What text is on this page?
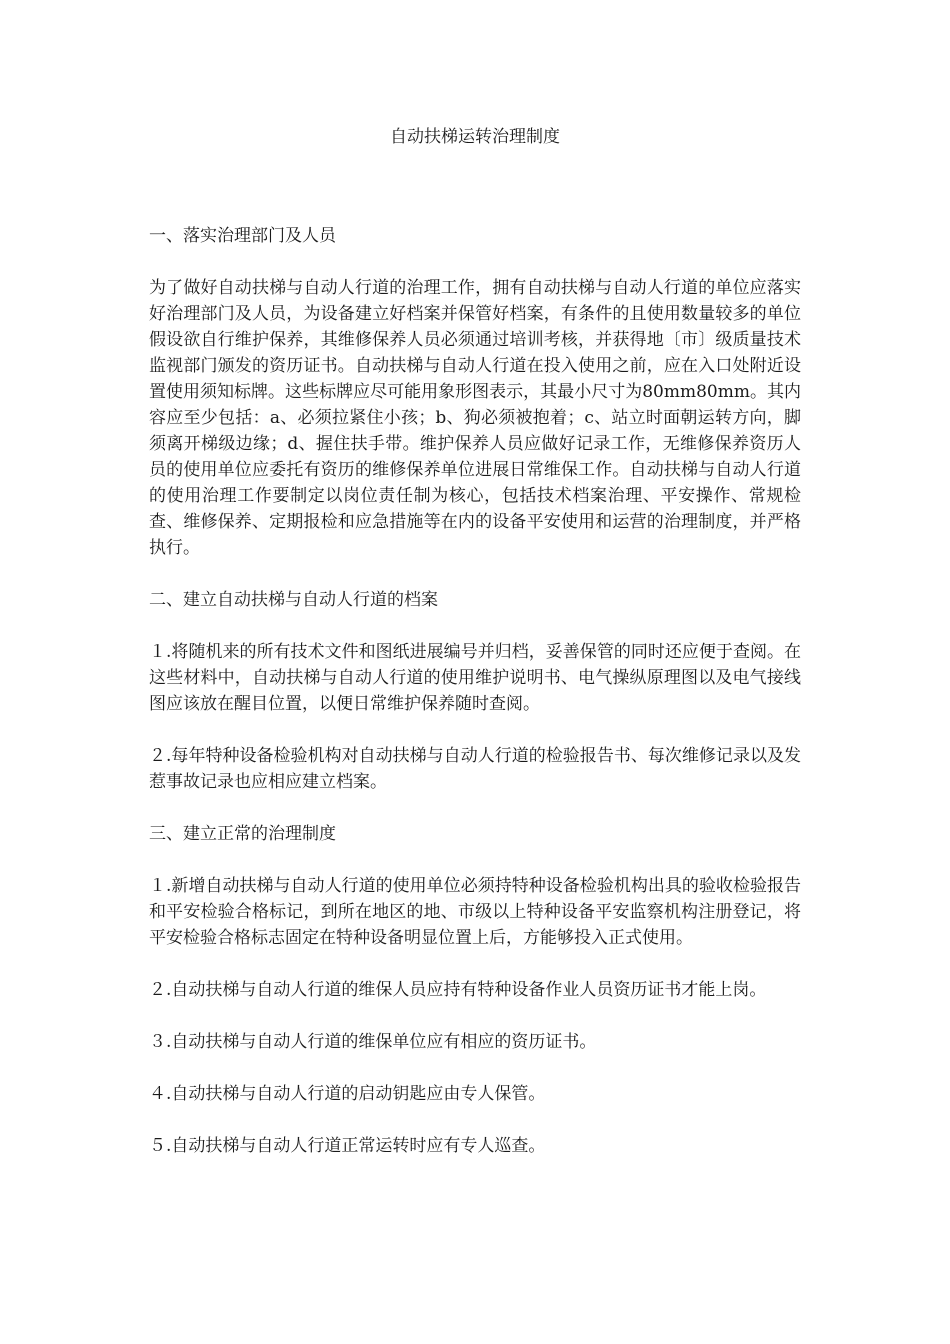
自动扶梯运转治理制度

一、落实治理部门及人员

为了做好自动扶梯与自动人行道的治理工作，拥有自动扶梯与自动人行道的单位应落实好治理部门及人员，为设备建立好档案并保管好档案，有条件的且使用数量较多的单位假设欲自行维护保养，其维修保养人员必须通过培训考核，并获得地〔市〕级质量技术监视部门颁发的资历证书。自动扶梯与自动人行道在投入使用之前，应在入口处附近设置使用须知标牌。这些标牌应尽可能用象形图表示，其最小尺寸为80mm80mm。其内容应至少包括：a、必须拉紧住小孩；b、狗必须被抱着；c、站立时面朝运转方向，脚须离开梯级边缘；d、握住扶手带。维护保养人员应做好记录工作，无维修保养资历人员的使用单位应委托有资历的维修保养单位进展日常维保工作。自动扶梯与自动人行道的使用治理工作要制定以岗位责任制为核心，包括技术档案治理、平安操作、常规检查、维修保养、定期报检和应急措施等在内的设备平安使用和运营的治理制度，并严格执行。

二、建立自动扶梯与自动人行道的档案

１.将随机来的所有技术文件和图纸进展编号并归档，妥善保管的同时还应便于查阅。在这些材料中，自动扶梯与自动人行道的使用维护说明书、电气操纵原理图以及电气接线图应该放在醒目位置，以便日常维护保养随时查阅。

２.每年特种设备检验机构对自动扶梯与自动人行道的检验报告书、每次维修记录以及发惹事故记录也应相应建立档案。

三、建立正常的治理制度

１.新增自动扶梯与自动人行道的使用单位必须持特种设备检验机构出具的验收检验报告和平安检验合格标记，到所在地区的地、市级以上特种设备平安监察机构注册登记，将平安检验合格标志固定在特种设备明显位置上后，方能够投入正式使用。

２.自动扶梯与自动人行道的维保人员应持有特种设备作业人员资历证书才能上岗。

３.自动扶梯与自动人行道的维保单位应有相应的资历证书。

４.自动扶梯与自动人行道的启动钥匙应由专人保管。

５.自动扶梯与自动人行道正常运转时应有专人巡查。
